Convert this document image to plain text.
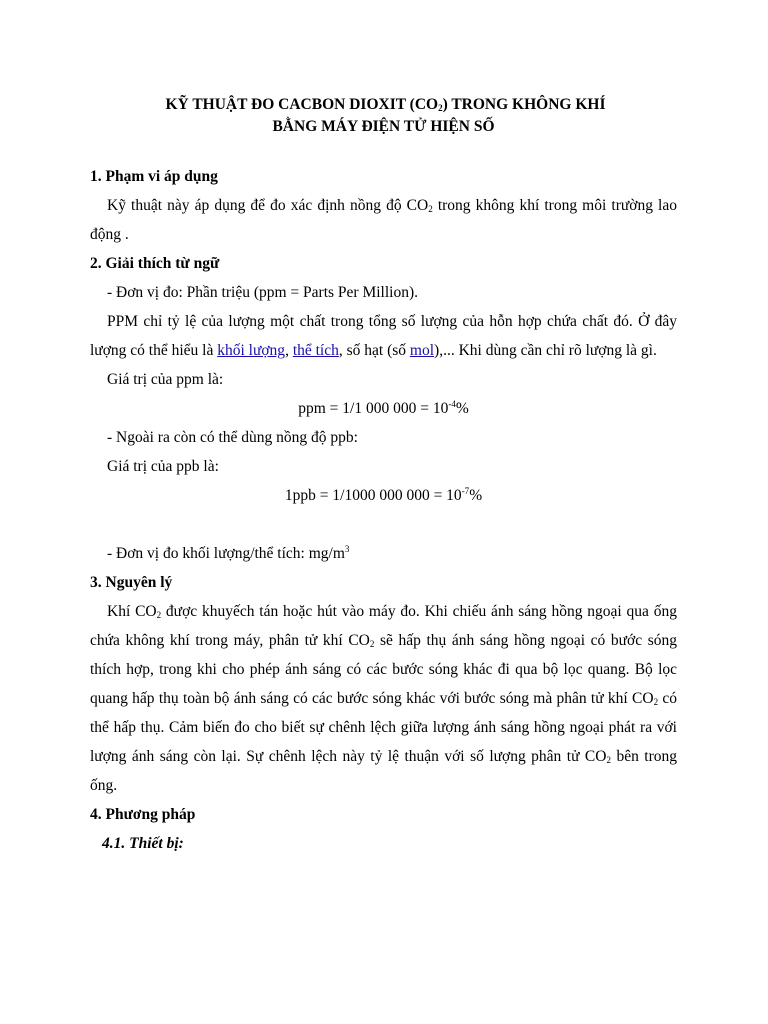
KỸ THUẬT ĐO CACBON DIOXIT $(CO_2)$ TRONG KHÔNG KHÍ
BẰNG MÁY ĐIỆN TỬ HIỆN SỐ

1. Phạm vi áp dụng

Kỹ thuật này áp dụng để đo xác định nồng độ $CO_2$ trong không khí trong môi trường lao động .

2. Giải thích từ ngữ

- Đơn vị đo: Phần triệu (ppm = Parts Per Million).

PPM chỉ tỷ lệ của lượng một chất trong tổng số lượng của hỗn hợp chứa chất đó. Ở đây lượng có thể hiểu là khối lượng, thể tích, số hạt (số mol),... Khi dùng cần chỉ rõ lượng là gì.

Giá trị của ppm là:

ppm = 1/1 000 $000 = 10^{-4}\%$

- Ngoài ra còn có thể dùng nồng độ ppb:

Giá trị của ppb là:

1ppb = 1/1000 000 $000 = 10^{-7}\%$

- Đơn vị đo khối lượng/thể tích: $mg/m^3$

3. Nguyên lý

Khí $CO_2$ được khuyếch tán hoặc hút vào máy đo. Khi chiếu ánh sáng hồng ngoại qua ống chứa không khí trong máy, phân tử khí $CO_2$ sẽ hấp thụ ánh sáng hồng ngoại có bước sóng thích hợp, trong khi cho phép ánh sáng có các bước sóng khác đi qua bộ lọc quang. Bộ lọc quang hấp thụ toàn bộ ánh sáng có các bước sóng khác với bước sóng mà phân tử khí $CO_2$ có thể hấp thụ. Cảm biến đo cho biết sự chênh lệch giữa lượng ánh sáng hồng ngoại phát ra với lượng ánh sáng còn lại. Sự chênh lệch này tỷ lệ thuận với số lượng phân tử $CO_2$ bên trong ống.

4. Phương pháp

4.1. Thiết bị:
